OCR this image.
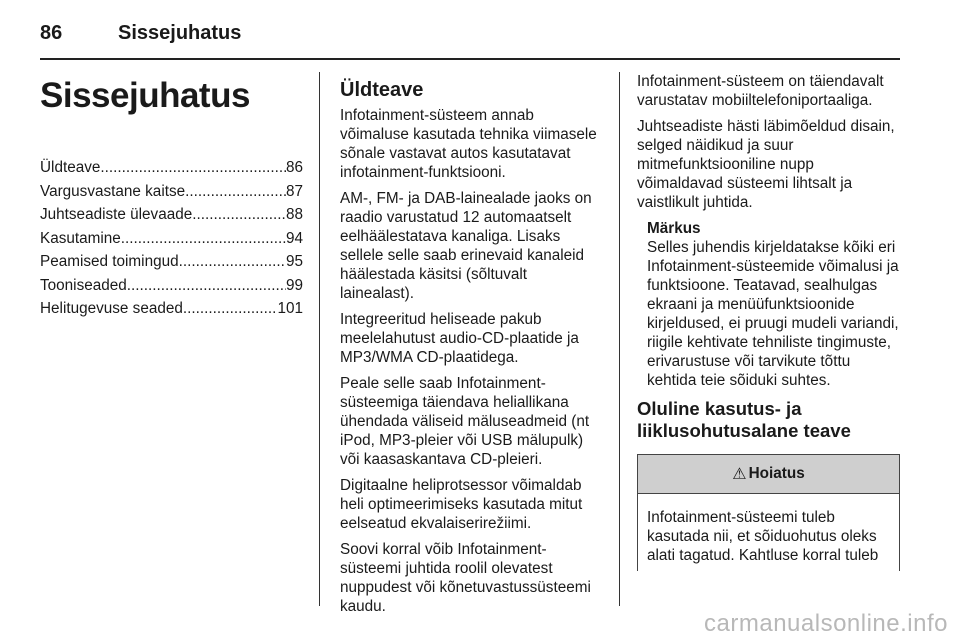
86	Sissejuhatus
Sissejuhatus
Üldteave .....	86
Vargusvastane kaitse .....	87
Juhtseadiste ülevaade .....	88
Kasutamine .....	94
Peamised toimingud .....	95
Tooniseaded .....	99
Helitugevuse seaded .....	101
Üldteave

Infotainment-süsteem annab võimaluse kasutada tehnika viimasele sõnale vastavat autos kasutatavat infotainment-funktsiooni.

AM-, FM- ja DAB-lainealade jaoks on raadio varustatud 12 automaatselt eelhäälestatava kanaliga. Lisaks sellele selle saab erinevaid kanaleid häälestada käsitsi (sõltuvalt lainealast).

Integreeritud heliseade pakub meelelahutust audio-CD-plaatide ja MP3/WMA CD-plaatidega.

Peale selle saab Infotainment-süsteemiga täiendava heliallikana ühendada väliseid mäluseadmeid (nt iPod, MP3-pleier või USB mälupulk) või kaasaskantava CD-pleieri.

Digitaalne heliprotsessor võimaldab heli optimeerimiseks kasutada mitut eelseatud ekvalaiserirežiimi.

Soovi korral võib Infotainment-süsteemi juhtida roolil olevatest nuppudest või kõnetuvastussüsteemi kaudu.

Infotainment-süsteem on täiendavalt varustatav mobiiltelefoniportaaliga.

Juhtseadiste hästi läbimõeldud disain, selged näidikud ja suur mitmefunktsiooniline nupp võimaldavad süsteemi lihtsalt ja vaistlikult juhtida.

Märkus
Selles juhendis kirjeldatakse kõiki eri Infotainment-süsteemide võimalusi ja funktsioone. Teatavad, sealhulgas ekraani ja menüüfunktsioonide kirjeldused, ei pruugi mudeli variandi, riigile kehtivate tehniliste tingimuste, erivarustuse või tarvikute tõttu kehtida teie sõiduki suhtes.
Oluline kasutus- ja liiklusohutusalane teave
⚠ Hoiatus
Infotainment-süsteemi tuleb kasutada nii, et sõiduohutus oleks alati tagatud. Kahtluse korral tuleb
carmanualsonline.info
